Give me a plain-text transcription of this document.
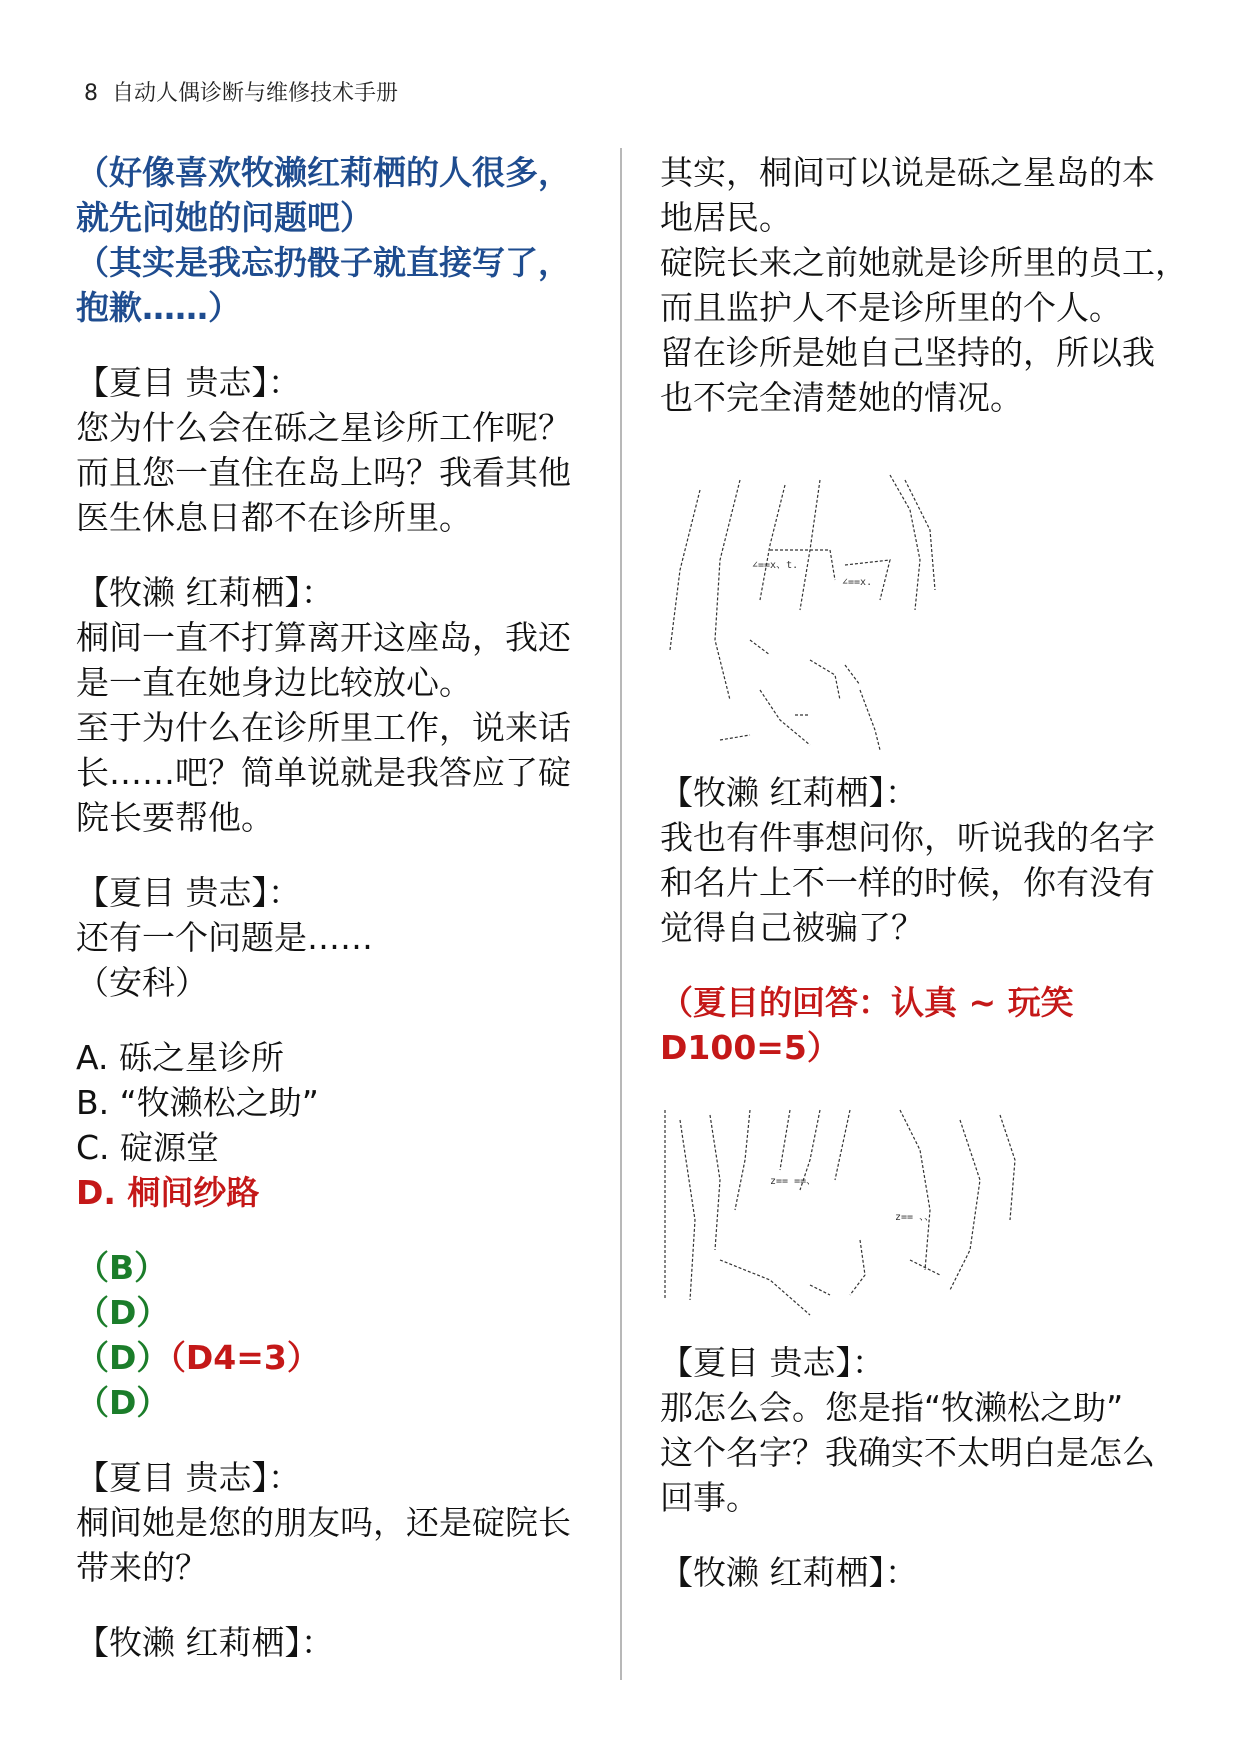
8 自动人偶诊断与维修技术手册
（好像喜欢牧濑红莉栖的人很多，
就先问她的问题吧）
（其实是我忘扔骰子就直接写了，
抱歉……）
【夏目 贵志】：
您为什么会在砾之星诊所工作呢？
而且您一直住在岛上吗？我看其他
医生休息日都不在诊所里。
【牧濑 红莉栖】：
桐间一直不打算离开这座岛，我还
是一直在她身边比较放心。
至于为什么在诊所里工作，说来话
长……吧？简单说就是我答应了碇
院长要帮他。
【夏目 贵志】：
还有一个问题是……
（安科）
A. 砾之星诊所
B. “牧濑松之助”
C. 碇源堂
D. 桐间纱路
（B）
（D）
（D）（D4=3）
（D）
【夏目 贵志】：
桐间她是您的朋友吗，还是碇院长
带来的？
【牧濑 红莉栖】：
其实，桐间可以说是砾之星岛的本
地居民。
碇院长来之前她就是诊所里的员工，
而且监护人不是诊所里的个人。
留在诊所是她自己坚持的，所以我
也不完全清楚她的情况。
∠==x、t.
∠==x.
【牧濑 红莉栖】：
我也有件事想问你，听说我的名字
和名片上不一样的时候，你有没有
觉得自己被骗了？
（夏目的回答：认真 ~ 玩笑
D100=5）
z== ==、
z== 、、
【夏目 贵志】：
那怎么会。您是指“牧濑松之助”
这个名字？我确实不太明白是怎么
回事。
【牧濑 红莉栖】：
